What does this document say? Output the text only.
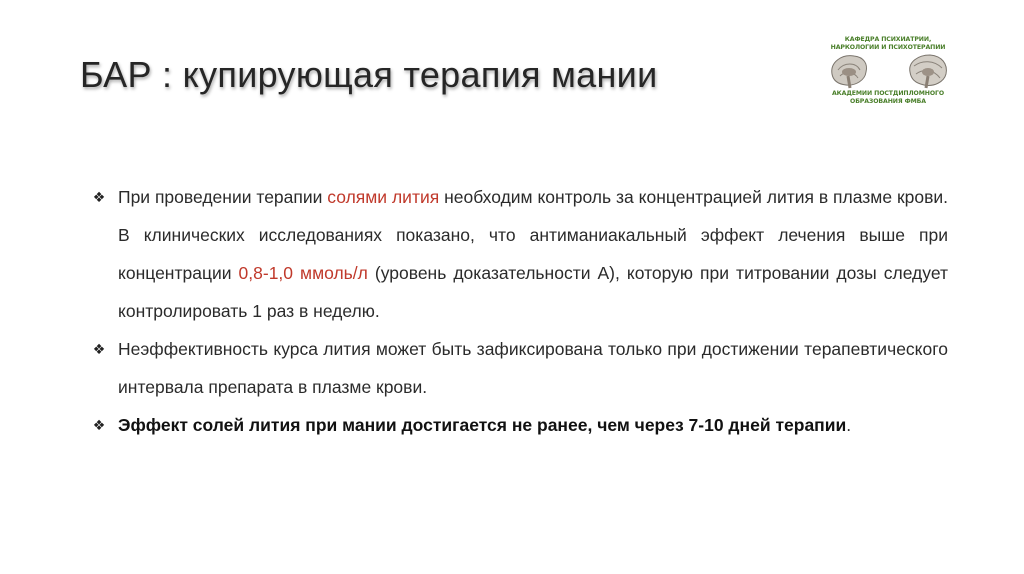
БАР : купирующая терапия мании
КАФЕДРА ПСИХИАТРИИ, НАРКОЛОГИИ И ПСИХОТЕРАПИИ
АКАДЕМИИ ПОСТДИПЛОМНОГО ОБРАЗОВАНИЯ ФМБА
❖ При проведении терапии солями лития необходим контроль за концентрацией лития в плазме крови. В клинических исследованиях показано, что антиманиакальный эффект лечения выше при концентрации 0,8-1,0 ммоль/л (уровень доказательности А), которую при титровании дозы следует контролировать 1 раз в неделю.
❖ Неэффективность курса лития может быть зафиксирована только при достижении терапевтического интервала препарата в плазме крови.
❖ Эффект солей лития при мании достигается не ранее, чем через 7-10 дней терапии.
